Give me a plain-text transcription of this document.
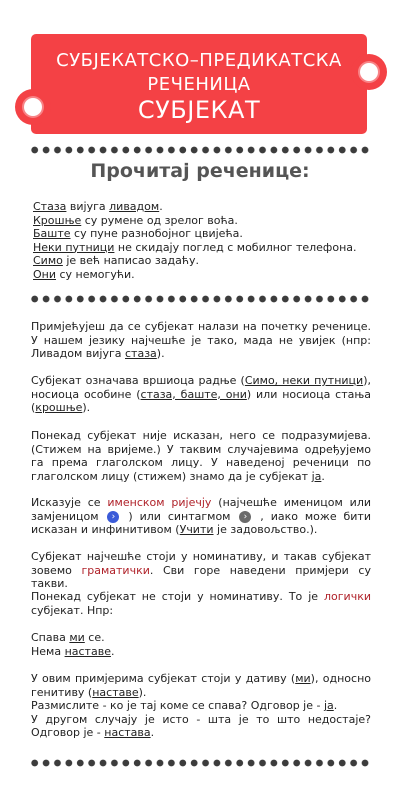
СУБЈЕКАТСКО–ПРЕДИКАТСКА
РЕЧЕНИЦА
СУБЈЕКАТ
Прочитај реченице:
Стаза вијуга ливадом.
Крошње су румене од зрелог воћа.
Баште су пуне разнобојног цвијећа.
Неки путници не скидају поглед с мобилног телефона.
Симо је већ написао задаћу.
Они су немогући.
Примјећујеш да се субјекат налази на почетку реченице. У нашем језику најчешће је тако, мада не увијек (нпр: Ливадом вијуга стаза).
Субјекат означава вршиоца радње (Симо, неки путници), носиоца особине (стаза, баште, они) или носиоца стања (крошње).
Понекад субјекат није исказан, него се подразумијева. (Стижем на вријеме.) У таквим случајевима одређујемо га према глаголском лицу. У наведеној реченици по глаголском лицу (стижем) знамо да је субјекат ја.
Исказује се именском ријечју (најчешће именицом или замјеницом › ) или синтагмом › , иако може бити исказан и инфинитивом (Учити је задовољство.).
Субјекат најчешће стоји у номинативу, и такав субјекат зовемо граматички. Сви горе наведени примјери су такви.
Понекад субјекат не стоји у номинативу. То је логички субјекат. Нпр:
Спава ми се.
Нема наставе.
У овим примјерима субјекат стоји у дативу (ми), односно генитиву (наставе).
Размислите - ко је тај коме се спава? Одговор је - ја.
У другом случају је исто - шта је то што недостаје? Одговор је - настава.
